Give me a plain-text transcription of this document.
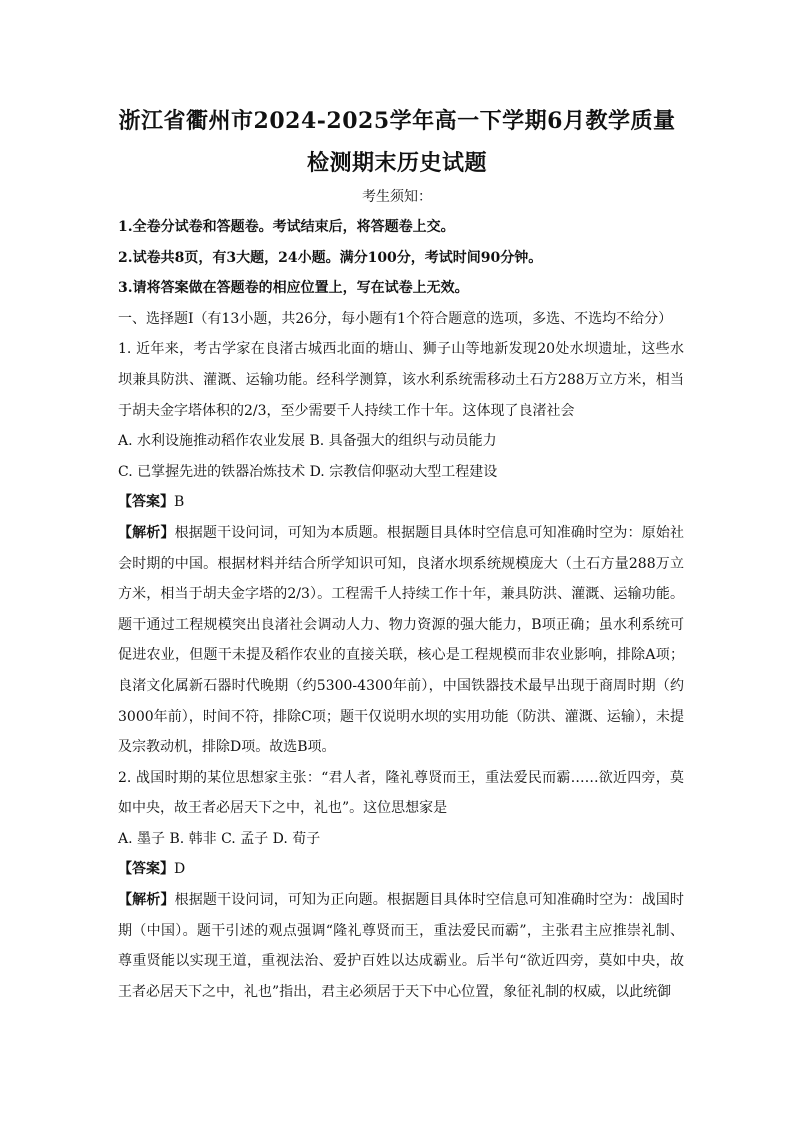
浙江省衢州市2024-2025学年高一下学期6月教学质量
检测期末历史试题
考生须知：

1.全卷分试卷和答题卷。考试结束后，将答题卷上交。

2.试卷共8页，有3大题，24小题。满分100分，考试时间90分钟。

3.请将答案做在答题卷的相应位置上，写在试卷上无效。

一、选择题Ⅰ（有13小题，共26分，每小题有1个符合题意的选项，多选、不选均不给分）

1. 近年来，考古学家在良渚古城西北面的塘山、狮子山等地新发现20处水坝遗址，这些水坝兼具防洪、灌溉、运输功能。经科学测算，该水利系统需移动土石方288万立方米，相当于胡夫金字塔体积的2/3，至少需要千人持续工作十年。这体现了良渚社会

A. 水利设施推动稻作农业发展 B. 具备强大的组织与动员能力

C. 已掌握先进的铁器冶炼技术 D. 宗教信仰驱动大型工程建设

【答案】B

【解析】根据题干设问词，可知为本质题。根据题目具体时空信息可知准确时空为：原始社会时期的中国。根据材料并结合所学知识可知，良渚水坝系统规模庞大（土石方量288万立方米，相当于胡夫金字塔的2/3）。工程需千人持续工作十年，兼具防洪、灌溉、运输功能。题干通过工程规模突出良渚社会调动人力、物力资源的强大能力，B项正确；虽水利系统可促进农业，但题干未提及稻作农业的直接关联，核心是工程规模而非农业影响，排除A项；良渚文化属新石器时代晚期（约5300-4300年前），中国铁器技术最早出现于商周时期（约3000年前），时间不符，排除C项；题干仅说明水坝的实用功能（防洪、灌溉、运输），未提及宗教动机，排除D项。故选B项。

2. 战国时期的某位思想家主张：“君人者，隆礼尊贤而王，重法爱民而霸……欲近四旁，莫如中央，故王者必居天下之中，礼也”。这位思想家是

A. 墨子 B. 韩非 C. 孟子 D. 荀子

【答案】D

【解析】根据题干设问词，可知为正向题。根据题目具体时空信息可知准确时空为：战国时期（中国）。题干引述的观点强调“隆礼尊贤而王，重法爱民而霸”，主张君主应推崇礼制、尊重贤能以实现王道，重视法治、爱护百姓以达成霸业。后半句“欲近四旁，莫如中央，故王者必居天下之中，礼也”指出，君主必须居于天下中心位置，象征礼制的权威，以此统御
